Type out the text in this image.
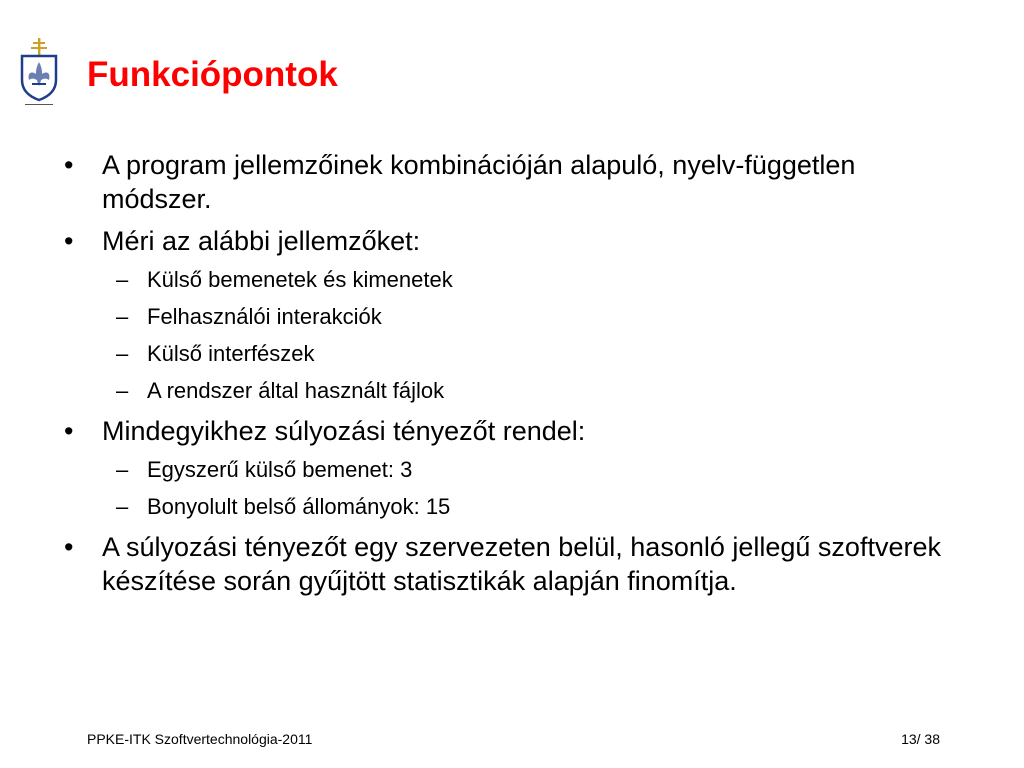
Funkciópontok
• A program jellemzőinek kombinációján alapuló, nyelv-független módszer.
• Méri az alábbi jellemzőket:
– Külső bemenetek és kimenetek
– Felhasználói interakciók
– Külső interfészek
– A rendszer által használt fájlok
• Mindegyikhez súlyozási tényezőt rendel:
– Egyszerű külső bemenet: 3
– Bonyolult belső állományok: 15
• A súlyozási tényezőt egy szervezeten belül, hasonló jellegű szoftverek készítése során gyűjtött statisztikák alapján finomítja.
PPKE-ITK Szoftvertechnológia-2011	13/ 38
